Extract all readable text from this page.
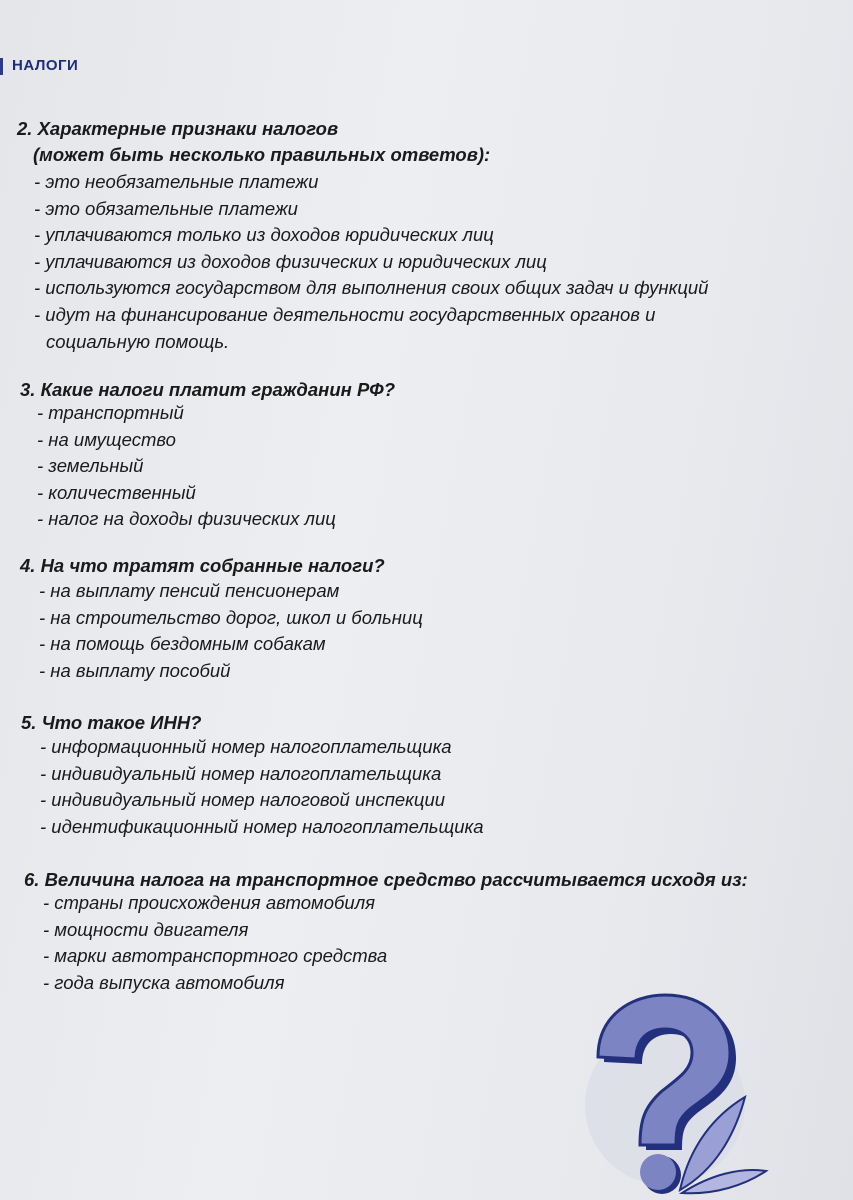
НАЛОГИ
2. Характерные признаки налогов
(может быть несколько правильных ответов):
- это необязательные платежи
- это обязательные платежи
- уплачиваются только из доходов юридических лиц
- уплачиваются из доходов физических и юридических лиц
- используются государством для выполнения своих общих задач и функций
- идут на финансирование деятельности государственных органов и
социальную помощь.
3. Какие налоги платит гражданин РФ?
- транспортный
- на имущество
- земельный
- количественный
- налог на доходы физических лиц
4. На что тратят собранные налоги?
- на выплату пенсий пенсионерам
- на строительство дорог, школ и больниц
- на помощь бездомным собакам
- на выплату пособий
5. Что такое ИНН?
- информационный номер налогоплательщика
- индивидуальный номер налогоплательщика
- индивидуальный номер налоговой инспекции
- идентификационный номер налогоплательщика
6. Величина налога на транспортное средство рассчитывается исходя из:
- страны происхождения автомобиля
- мощности двигателя
- марки автотранспортного средства
- года выпуска автомобиля
